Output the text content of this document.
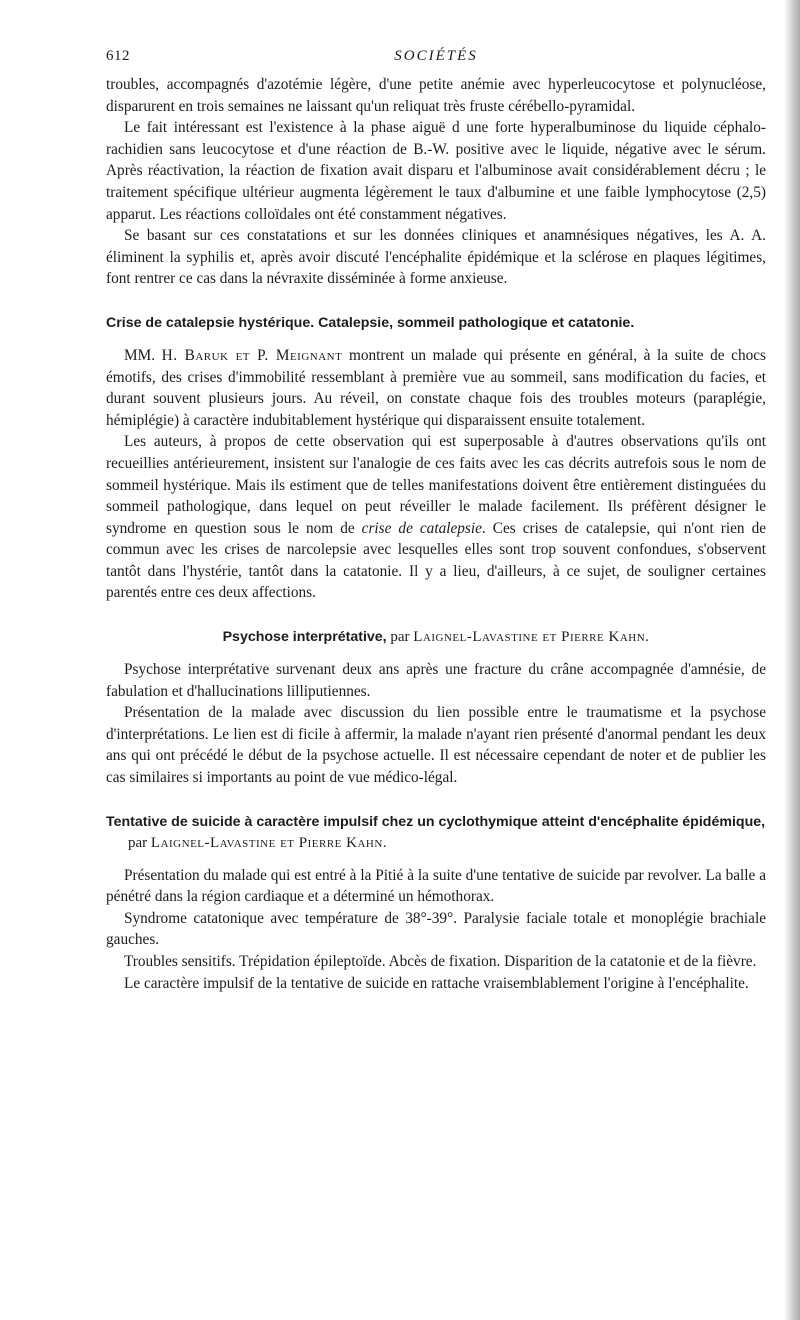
612	SOCIÉTÉS

troubles, accompagnés d'azotémie légère, d'une petite anémie avec hyperleucocytose et polynucléose, disparurent en trois semaines ne laissant qu'un reliquat très fruste cérébello-pyramidal.

Le fait intéressant est l'existence à la phase aiguë d une forte hyperalbuminose du liquide céphalo-rachidien sans leucocytose et d'une réaction de B.-W. positive avec le liquide, négative avec le sérum. Après réactivation, la réaction de fixation avait disparu et l'albuminose avait considérablement décru ; le traitement spécifique ultérieur augmenta légèrement le taux d'albumine et une faible lymphocytose (2,5) apparut. Les réactions colloïdales ont été constamment négatives.

Se basant sur ces constatations et sur les données cliniques et anamnésiques négatives, les A. A. éliminent la syphilis et, après avoir discuté l'encéphalite épidémique et la sclérose en plaques légitimes, font rentrer ce cas dans la névraxite disséminée à forme anxieuse.

Crise de catalepsie hystérique. Catalepsie, sommeil pathologique et catatonie.

MM. H. Baruk et P. Meignant montrent un malade qui présente en général, à la suite de chocs émotifs, des crises d'immobilité ressemblant à première vue au sommeil, sans modification du facies, et durant souvent plusieurs jours. Au réveil, on constate chaque fois des troubles moteurs (paraplégie, hémiplégie) à caractère indubitablement hystérique qui disparaissent ensuite totalement.

Les auteurs, à propos de cette observation qui est superposable à d'autres observations qu'ils ont recueillies antérieurement, insistent sur l'analogie de ces faits avec les cas décrits autrefois sous le nom de sommeil hystérique. Mais ils estiment que de telles manifestations doivent être entièrement distinguées du sommeil pathologique, dans lequel on peut réveiller le malade facilement. Ils préfèrent désigner le syndrome en question sous le nom de crise de catalepsie. Ces crises de catalepsie, qui n'ont rien de commun avec les crises de narcolepsie avec lesquelles elles sont trop souvent confondues, s'observent tantôt dans l'hystérie, tantôt dans la catatonie. Il y a lieu, d'ailleurs, à ce sujet, de souligner certaines parentés entre ces deux affections.

Psychose interprétative, par Laignel-Lavastine et Pierre Kahn.

Psychose interprétative survenant deux ans après une fracture du crâne accompagnée d'amnésie, de fabulation et d'hallucinations lilliputiennes.

Présentation de la malade avec discussion du lien possible entre le traumatisme et la psychose d'interprétations. Le lien est di ficile à affermir, la malade n'ayant rien présenté d'anormal pendant les deux ans qui ont précédé le début de la psychose actuelle. Il est nécessaire cependant de noter et de publier les cas similaires si importants au point de vue médico-légal.

Tentative de suicide à caractère impulsif chez un cyclothymique atteint d'encéphalite épidémique, par Laignel-Lavastine et Pierre Kahn.

Présentation du malade qui est entré à la Pitié à la suite d'une tentative de suicide par revolver. La balle a pénétré dans la région cardiaque et a déterminé un hémothorax.

Syndrome catatonique avec température de 38°-39°. Paralysie faciale totale et monoplégie brachiale gauches.

Troubles sensitifs. Trépidation épileptoïde. Abcès de fixation. Disparition de la catatonie et de la fièvre.

Le caractère impulsif de la tentative de suicide en rattache vraisemblablement l'origine à l'encéphalite.
